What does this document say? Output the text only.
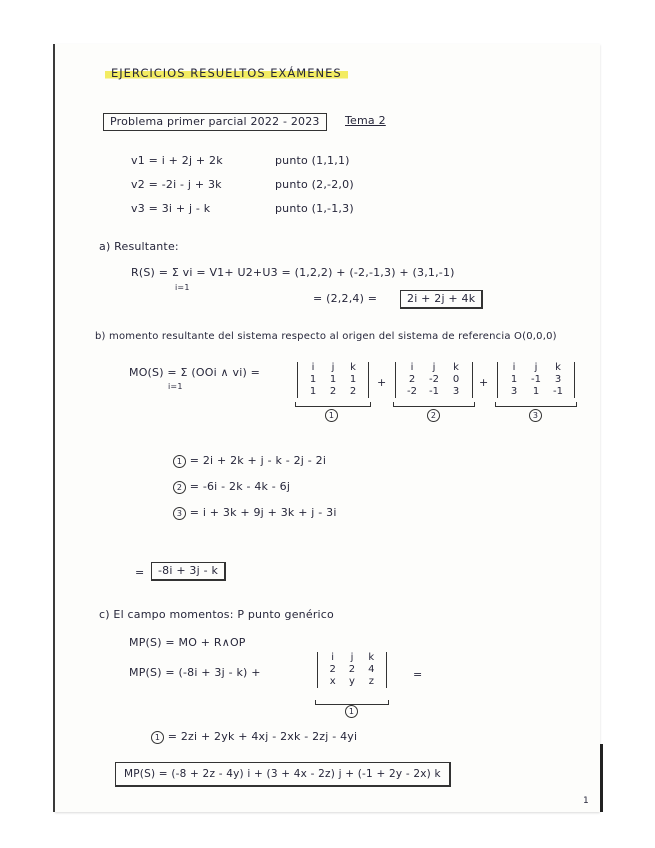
EJERCICIOS RESUELTOS EXÁMENES
Problema primer parcial 2022 - 2023	Tema 2
v1 = i + 2j + 2k	punto (1,1,1)
v2 = -2i - j + 3k	punto (2,-2,0)
v3 = 3i + j - k	punto (1,-1,3)
a) Resultante:
R(S) = Σ vi = V1+ U2+U3 = (1,2,2) + (-2,-1,3) + (3,1,-1)
i=1
= (2,2,4) =	2i + 2j + 4k
b) momento resultante del sistema respecto al origen del sistema de referencia O(0,0,0)
MO(S) = Σ (OOi ∧ vi) =
i=1
i	j	k
1	1	1
1	2	2
1
+
i	j	k
2	-2	0
-2	-1	3
2
+
i	j	k
1	-1	3
3	1	-1
3
1 = 2i + 2k + j - k - 2j - 2i
2 = -6i - 2k - 4k - 6j
3 = i + 3k + 9j + 3k + j - 3i
=	-8i + 3j - k
c) El campo momentos: P punto genérico
MP(S) = MO + R∧OP
MP(S) = (-8i + 3j - k) +
i	j	k
2	2	4
x	y	z
=
1
1 = 2zi + 2yk + 4xj - 2xk - 2zj - 4yi
MP(S) = (-8 + 2z - 4y) i + (3 + 4x - 2z) j + (-1 + 2y - 2x) k
1
